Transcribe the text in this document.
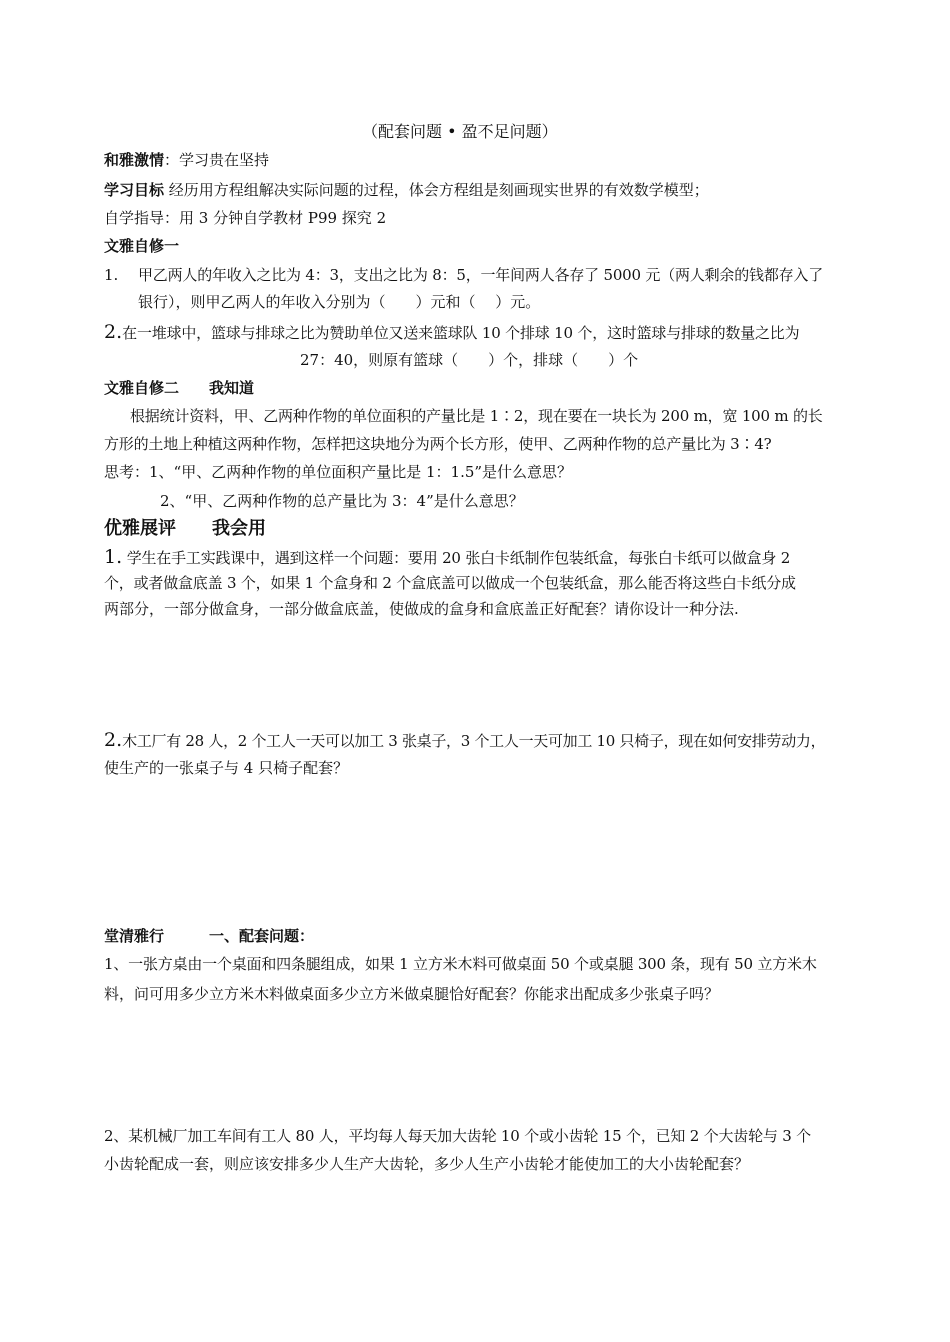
（配套问题 • 盈不足问题）
和雅激情：学习贵在坚持
学习目标 经历用方程组解决实际问题的过程，体会方程组是刻画现实世界的有效数学模型；
自学指导：用 3 分钟自学教材 P99 探究 2
文雅自修一
1. 甲乙两人的年收入之比为 4：3，支出之比为 8：5，一年间两人各存了 5000 元（两人剩余的钱都存入了
银行），则甲乙两人的年收入分别为（　　）元和（　 ）元。
2.在一堆球中，篮球与排球之比为赞助单位又送来篮球队 10 个排球 10 个，这时篮球与排球的数量之比为
27：40，则原有篮球（　　）个，排球（　　）个
文雅自修二　　我知道
根据统计资料，甲、乙两种作物的单位面积的产量比是 1∶2，现在要在一块长为 200 m，宽 100 m 的长
方形的土地上种植这两种作物，怎样把这块地分为两个长方形，使甲、乙两种作物的总产量比为 3∶4?
思考：1、“甲、乙两种作物的单位面积产量比是 1：1.5”是什么意思？
2、“甲、乙两种作物的总产量比为 3：4”是什么意思？
优雅展评　　我会用
1. 学生在手工实践课中，遇到这样一个问题：要用 20 张白卡纸制作包装纸盒，每张白卡纸可以做盒身 2
个，或者做盒底盖 3 个，如果 1 个盒身和 2 个盒底盖可以做成一个包装纸盒，那么能否将这些白卡纸分成
两部分，一部分做盒身，一部分做盒底盖，使做成的盒身和盒底盖正好配套？请你设计一种分法.
2.木工厂有 28 人，2 个工人一天可以加工 3 张桌子，3 个工人一天可加工 10 只椅子，现在如何安排劳动力，
使生产的一张桌子与 4 只椅子配套？
堂清雅行　　　一、配套问题：
1、一张方桌由一个桌面和四条腿组成，如果 1 立方米木料可做桌面 50 个或桌腿 300 条，现有 50 立方米木
料，问可用多少立方米木料做桌面多少立方米做桌腿恰好配套？你能求出配成多少张桌子吗？
2、某机械厂加工车间有工人 80 人，平均每人每天加大齿轮 10 个或小齿轮 15 个，已知 2 个大齿轮与 3 个
小齿轮配成一套，则应该安排多少人生产大齿轮，多少人生产小齿轮才能使加工的大小齿轮配套？
